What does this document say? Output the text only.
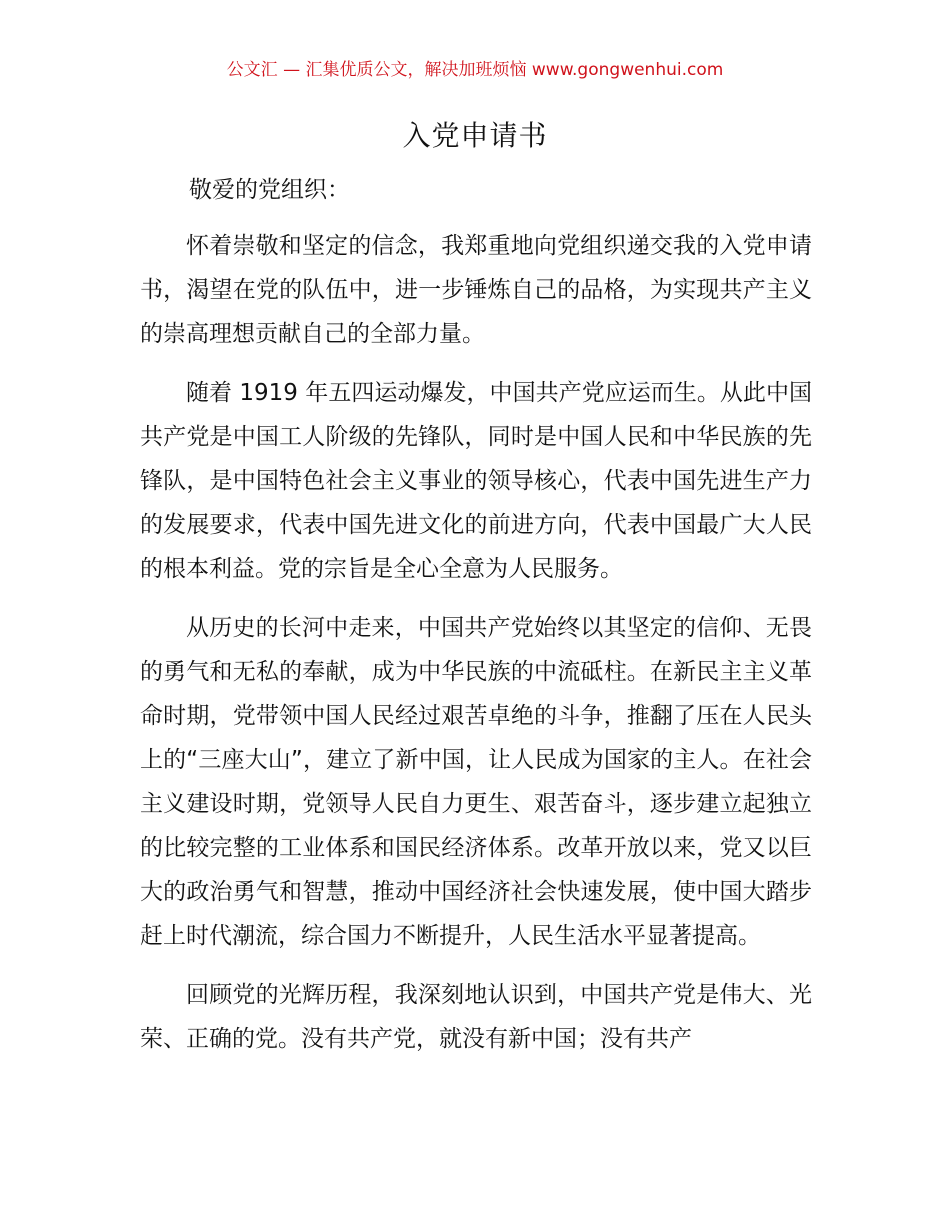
公文汇 — 汇集优质公文，解决加班烦恼 www.gongwenhui.com
入党申请书
敬爱的党组织：

怀着崇敬和坚定的信念，我郑重地向党组织递交我的入党申请书，渴望在党的队伍中，进一步锤炼自己的品格，为实现共产主义的崇高理想贡献自己的全部力量。

随着 1919 年五四运动爆发，中国共产党应运而生。从此中国共产党是中国工人阶级的先锋队，同时是中国人民和中华民族的先锋队，是中国特色社会主义事业的领导核心，代表中国先进生产力的发展要求，代表中国先进文化的前进方向，代表中国最广大人民的根本利益。党的宗旨是全心全意为人民服务。

从历史的长河中走来，中国共产党始终以其坚定的信仰、无畏的勇气和无私的奉献，成为中华民族的中流砥柱。在新民主主义革命时期，党带领中国人民经过艰苦卓绝的斗争，推翻了压在人民头上的“三座大山”，建立了新中国，让人民成为国家的主人。在社会主义建设时期，党领导人民自力更生、艰苦奋斗，逐步建立起独立的比较完整的工业体系和国民经济体系。改革开放以来，党又以巨大的政治勇气和智慧，推动中国经济社会快速发展，使中国大踏步赶上时代潮流，综合国力不断提升，人民生活水平显著提高。

回顾党的光辉历程，我深刻地认识到，中国共产党是伟大、光荣、正确的党。没有共产党，就没有新中国；没有共产
